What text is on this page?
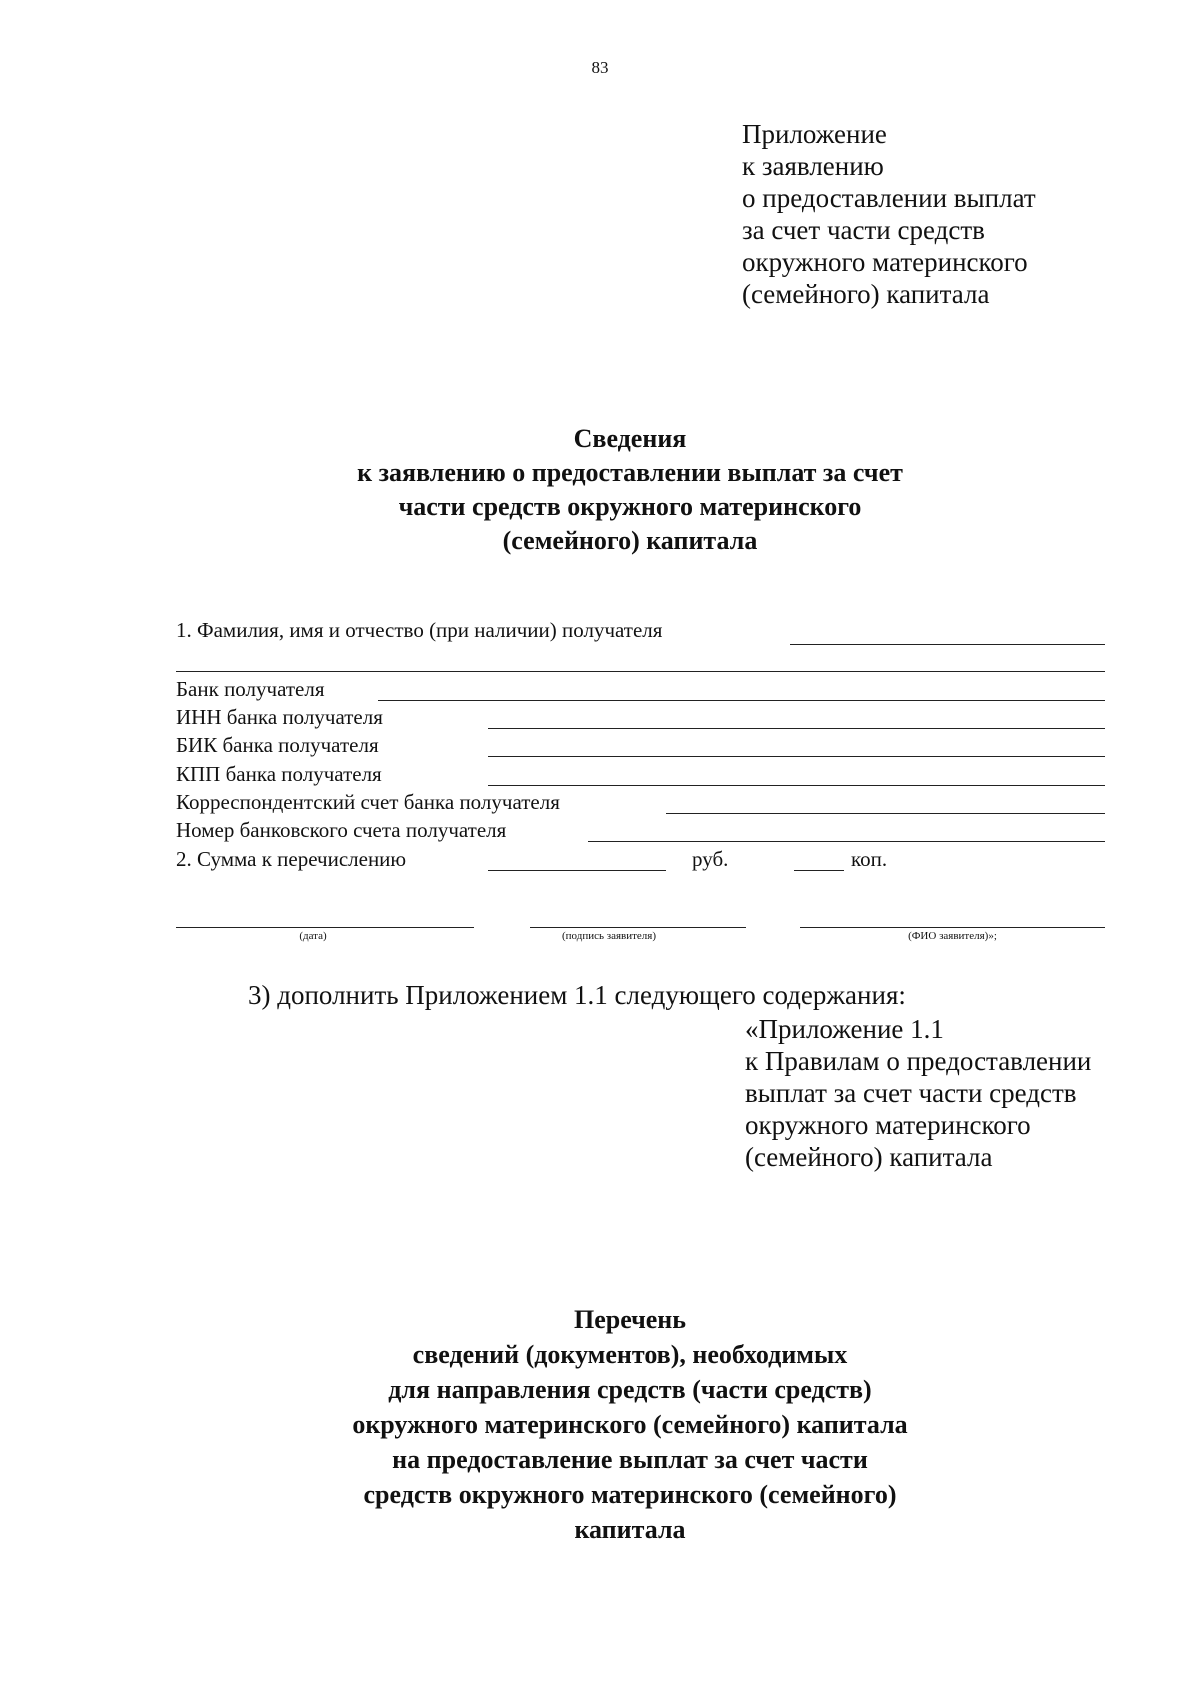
83
Приложение
к заявлению
о предоставлении выплат
за счет части средств
окружного материнского
(семейного) капитала
Сведения
к заявлению о предоставлении выплат за счет
части средств окружного материнского
(семейного) капитала
1. Фамилия, имя и отчество (при наличии) получателя
Банк получателя
ИНН банка получателя
БИК банка получателя
КПП банка получателя
Корреспондентский счет банка получателя
Номер банковского счета получателя
2. Сумма к перечислению	руб.	коп.
(дата)	(подпись заявителя)	(ФИО заявителя)»;
3) дополнить Приложением 1.1 следующего содержания:
«Приложение 1.1
к Правилам о предоставлении
выплат за счет части средств
окружного материнского
(семейного) капитала
Перечень
сведений (документов), необходимых
для направления средств (части средств)
окружного материнского (семейного) капитала
на предоставление выплат за счет части
средств окружного материнского (семейного)
капитала
